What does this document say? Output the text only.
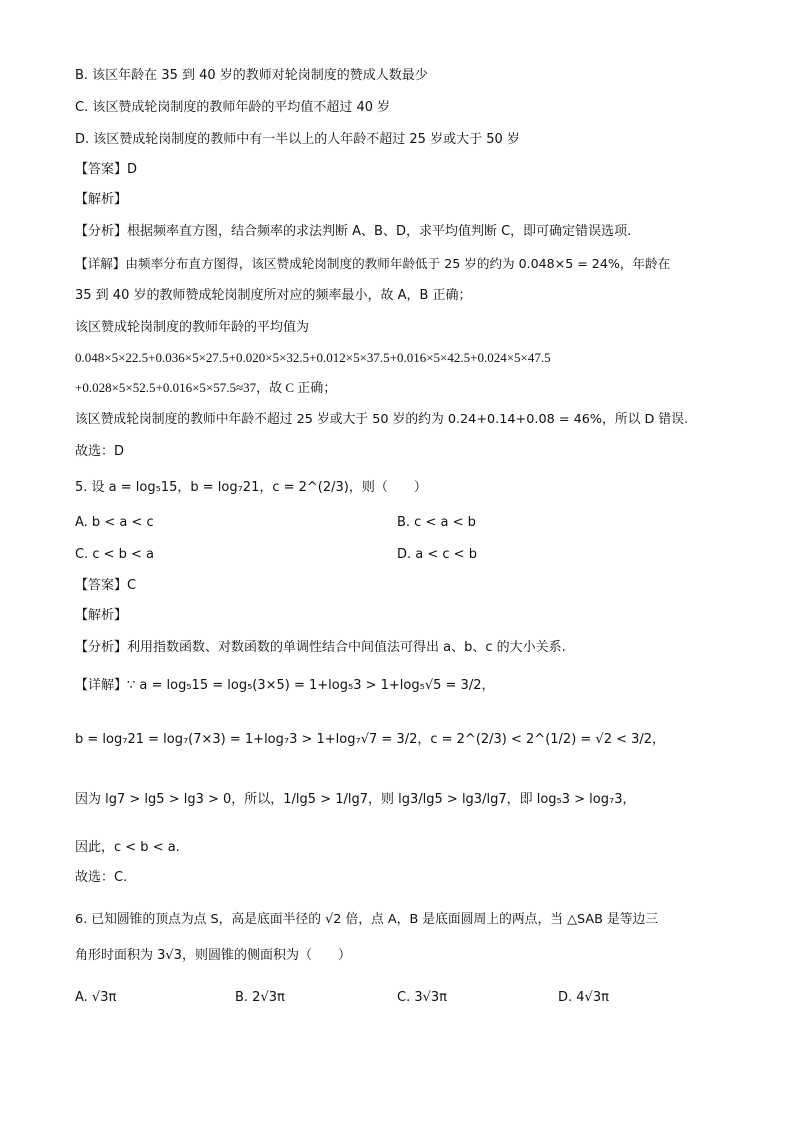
B. 该区年龄在 35 到 40 岁的教师对轮岗制度的赞成人数最少
C. 该区赞成轮岗制度的教师年龄的平均值不超过 40 岁
D. 该区赞成轮岗制度的教师中有一半以上的人年龄不超过 25 岁或大于 50 岁
【答案】D
【解析】
【分析】根据频率直方图，结合频率的求法判断 A、B、D，求平均值判断 C，即可确定错误选项.
【详解】由频率分布直方图得，该区赞成轮岗制度的教师年龄低于 25 岁的约为 0.048×5 = 24%，年龄在
35 到 40 岁的教师赞成轮岗制度所对应的频率最小，故 A，B 正确；
该区赞成轮岗制度的教师年龄的平均值为
0.048×5×22.5+0.036×5×27.5+0.020×5×32.5+0.012×5×37.5+0.016×5×42.5+0.024×5×47.5
+0.028×5×52.5+0.016×5×57.5≈37，故 C 正确；
该区赞成轮岗制度的教师中年龄不超过 25 岁或大于 50 岁的约为 0.24+0.14+0.08 = 46%，所以 D 错误.
故选：D
5. 设 a = log₅15，b = log₇21，c = 2^(2/3)，则（　　）
A. b < a < c	B. c < a < b
C. c < b < a	D. a < c < b
【答案】C
【解析】
【分析】利用指数函数、对数函数的单调性结合中间值法可得出 a、b、c 的大小关系.
【详解】∵ a = log₅15 = log₅(3×5) = 1+log₅3 > 1+log₅√5 = 3/2，
b = log₇21 = log₇(7×3) = 1+log₇3 > 1+log₇√7 = 3/2，c = 2^(2/3) < 2^(1/2) = √2 < 3/2，
因为 lg7 > lg5 > lg3 > 0，所以，1/lg5 > 1/lg7，则 lg3/lg5 > lg3/lg7，即 log₅3 > log₇3，
因此，c < b < a.
故选：C.
6. 已知圆锥的顶点为点 S，高是底面半径的 √2 倍，点 A，B 是底面圆周上的两点，当 △SAB 是等边三
角形时面积为 3√3，则圆锥的侧面积为（　　）
A. √3π	B. 2√3π	C. 3√3π	D. 4√3π
